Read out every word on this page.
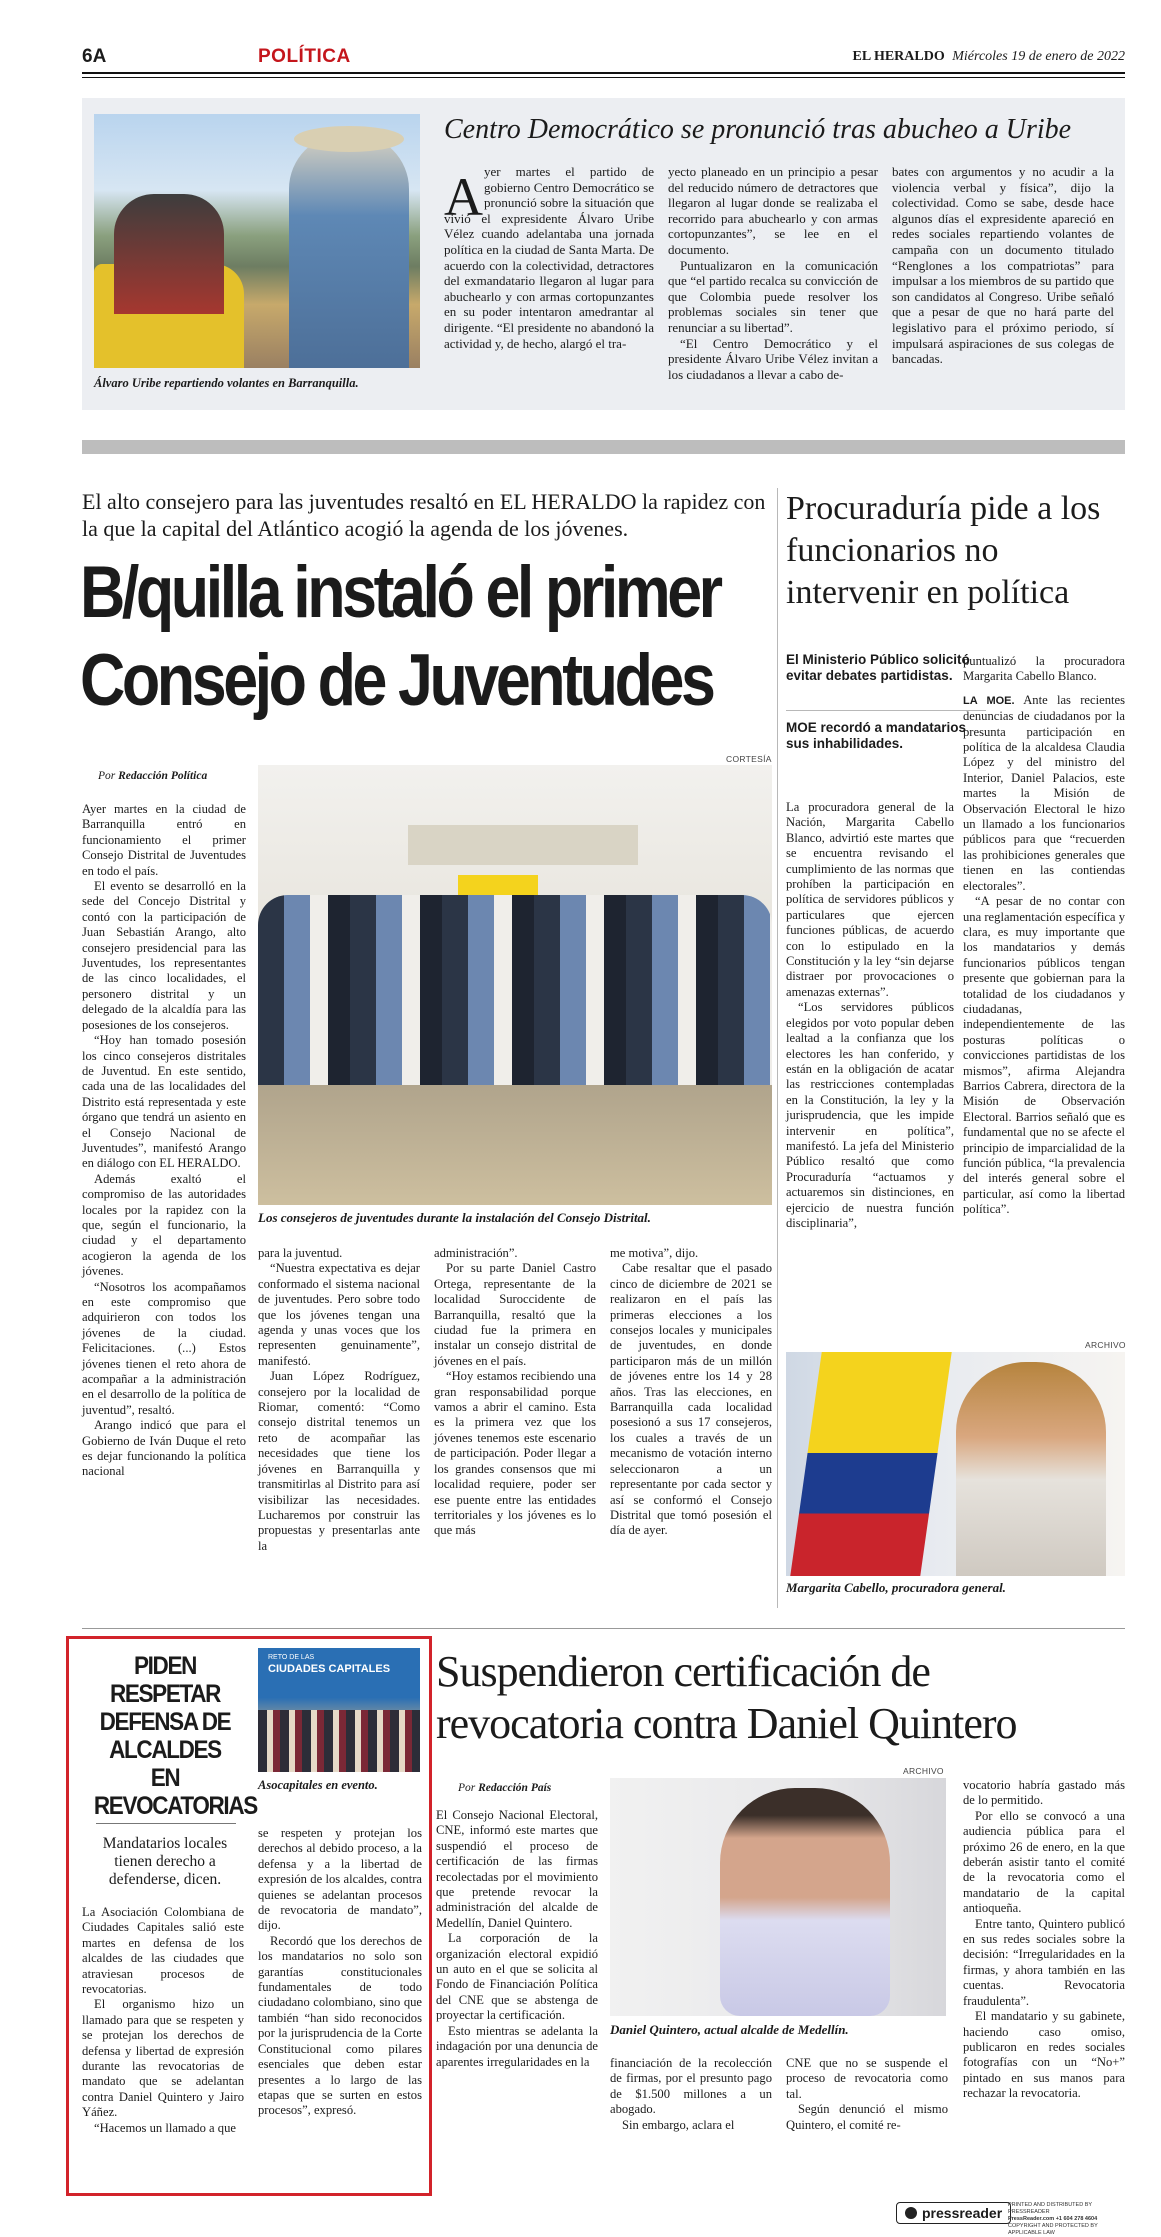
6A	POLÍTICA	EL HERALDO Miércoles 19 de enero de 2022
Álvaro Uribe repartiendo volantes en Barranquilla.
Centro Democrático se pronunció tras abucheo a Uribe
A yer martes el partido de gobierno Centro Democrático se pronunció sobre la situación que vivió el expresidente Álvaro Uribe Vélez cuando adelantaba una jornada política en la ciudad de Santa Marta. De acuerdo con la colectividad, detractores del exmandatario llegaron al lugar para abuchearlo y con armas cortopunzantes en su poder intentaron amedrantar al dirigente. “El presidente no abandonó la actividad y, de hecho, alargó el tra-

yecto planeado en un principio a pesar del reducido número de detractores que llegaron al lugar donde se realizaba el recorrido para abuchearlo y con armas cortopunzantes”, se lee en el documento.

Puntualizaron en la comunicación que “el partido recalca su convicción de que Colombia puede resolver los problemas sociales sin tener que renunciar a su libertad”.

“El Centro Democrático y el presidente Álvaro Uribe Vélez invitan a los ciudadanos a llevar a cabo de-

bates con argumentos y no acudir a la violencia verbal y física”, dijo la colectividad. Como se sabe, desde hace algunos días el expresidente apareció en redes sociales repartiendo volantes de campaña con un documento titulado “Renglones a los compatriotas” para impulsar a los miembros de su partido que son candidatos al Congreso. Uribe señaló que a pesar de que no hará parte del legislativo para el próximo periodo, sí impulsará aspiraciones de sus colegas de bancadas.

El alto consejero para las juventudes resaltó en EL HERALDO la rapidez con la que la capital del Atlántico acogió la agenda de los jóvenes.
B/quilla instaló el primer
Consejo de Juventudes
Por Redacción Política
CORTESÍA
Los consejeros de juventudes durante la instalación del Consejo Distrital.

Ayer martes en la ciudad de Barranquilla entró en funcionamiento el primer Consejo Distrital de Juventudes en todo el país.

El evento se desarrolló en la sede del Concejo Distrital y contó con la participación de Juan Sebastián Arango, alto consejero presidencial para las Juventudes, los representantes de las cinco localidades, el personero distrital y un delegado de la alcaldía para las posesiones de los consejeros.

“Hoy han tomado posesión los cinco consejeros distritales de Juventud. En este sentido, cada una de las localidades del Distrito está representada y este órgano que tendrá un asiento en el Consejo Nacional de Juventudes”, manifestó Arango en diálogo con EL HERALDO.

Además exaltó el compromiso de las autoridades locales por la rapidez con la que, según el funcionario, la ciudad y el departamento acogieron la agenda de los jóvenes.

“Nosotros los acompañamos en este compromiso que adquirieron con todos los jóvenes de la ciudad. Felicitaciones. (...) Estos jóvenes tienen el reto ahora de acompañar a la administración en el desarrollo de la política de juventud”, resaltó.

Arango indicó que para el Gobierno de Iván Duque el reto es dejar funcionando la política nacional

para la juventud.

“Nuestra expectativa es dejar conformado el sistema nacional de juventudes. Pero sobre todo que los jóvenes tengan una agenda y unas voces que los representen genuinamente”, manifestó.

Juan López Rodríguez, consejero por la localidad de Riomar, comentó: “Como consejo distrital tenemos un reto de acompañar las necesidades que tiene los jóvenes en Barranquilla y transmitirlas al Distrito para así visibilizar las necesidades. Lucharemos por construir las propuestas y presentarlas ante la

administración”.

Por su parte Daniel Castro Ortega, representante de la localidad Suroccidente de Barranquilla, resaltó que la ciudad fue la primera en instalar un consejo distrital de jóvenes en el país.

“Hoy estamos recibiendo una gran responsabilidad porque vamos a abrir el camino. Esta es la primera vez que los jóvenes tenemos este escenario de participación. Poder llegar a los grandes consensos que mi localidad requiere, poder ser ese puente entre las entidades territoriales y los jóvenes es lo que más

me motiva”, dijo.

Cabe resaltar que el pasado cinco de diciembre de 2021 se realizaron en el país las primeras elecciones a los consejos locales y municipales de juventudes, en donde participaron más de un millón de jóvenes entre los 14 y 28 años. Tras las elecciones, en Barranquilla cada localidad posesionó a sus 17 consejeros, los cuales a través de un mecanismo de votación interno seleccionaron a un representante por cada sector y así se conformó el Consejo Distrital que tomó posesión el día de ayer.

Procuraduría pide a los funcionarios no intervenir en política
El Ministerio Público solicitó evitar debates partidistas.
MOE recordó a mandatarios sus inhabilidades.

La procuradora general de la Nación, Margarita Cabello Blanco, advirtió este martes que se encuentra revisando el cumplimiento de las normas que prohíben la participación en política de servidores públicos y particulares que ejercen funciones públicas, de acuerdo con lo estipulado en la Constitución y la ley “sin dejarse distraer por provocaciones o amenazas externas”.

“Los servidores públicos elegidos por voto popular deben lealtad a la confianza que los electores les han conferido, y están en la obligación de acatar las restricciones contempladas en la Constitución, la ley y la jurisprudencia, que les impide intervenir en política”, manifestó. La jefa del Ministerio Público resaltó que como Procuraduría “actuamos y actuaremos sin distinciones, en ejercicio de nuestra función disciplinaria”,

puntualizó la procuradora Margarita Cabello Blanco.

LA MOE. Ante las recientes denuncias de ciudadanos por la presunta participación en política de la alcaldesa Claudia López y del ministro del Interior, Daniel Palacios, este martes la Misión de Observación Electoral le hizo un llamado a los funcionarios públicos para que “recuerden las prohibiciones generales que tienen en las contiendas electorales”.

“A pesar de no contar con una reglamentación específica y clara, es muy importante que los mandatarios y demás funcionarios públicos tengan presente que gobiernan para la totalidad de los ciudadanos y ciudadanas, independientemente de las posturas políticas o convicciones partidistas de los mismos”, afirma Alejandra Barrios Cabrera, directora de la Misión de Observación Electoral. Barrios señaló que es fundamental que no se afecte el principio de imparcialidad de la función pública, “la prevalencia del interés general sobre el particular, así como la libertad política”.

ARCHIVO
Margarita Cabello, procuradora general.
PIDEN RESPETAR DEFENSA DE ALCALDES EN REVOCATORIAS
Mandatarios locales tienen derecho a defenderse, dicen.
RETO DE LAS
CIUDADES CAPITALES
Asocapitales en evento.

La Asociación Colombiana de Ciudades Capitales salió este martes en defensa de los alcaldes de las ciudades que atraviesan procesos de revocatorias.

El organismo hizo un llamado para que se respeten y se protejan los derechos de defensa y libertad de expresión durante las revocatorias de mandato que se adelantan contra Daniel Quintero y Jairo Yáñez.

“Hacemos un llamado a que

se respeten y protejan los derechos al debido proceso, a la defensa y a la libertad de expresión de los alcaldes, contra quienes se adelantan procesos de revocatoria de mandato”, dijo.

Recordó que los derechos de los mandatarios no solo son garantías constitucionales fundamentales de todo ciudadano colombiano, sino que también “han sido reconocidos por la jurisprudencia de la Corte Constitucional como pilares esenciales que deben estar presentes a lo largo de las etapas que se surten en estos procesos”, expresó.

Suspendieron certificación de revocatoria contra Daniel Quintero
Por Redacción País
ARCHIVO
Daniel Quintero, actual alcalde de Medellín.

El Consejo Nacional Electoral, CNE, informó este martes que suspendió el proceso de certificación de las firmas recolectadas por el movimiento que pretende revocar la administración del alcalde de Medellín, Daniel Quintero.

La corporación de la organización electoral expidió un auto en el que se solicita al Fondo de Financiación Política del CNE que se abstenga de proyectar la certificación.

Esto mientras se adelanta la indagación por una denuncia de aparentes irregularidades en la	financiación de la recolección de firmas, por el presunto pago de $1.500 millones a un abogado.

Sin embargo, aclara el

CNE que no se suspende el proceso de revocatoria como tal.

Según denunció el mismo Quintero, el comité re-

vocatorio habría gastado más de lo permitido.

Por ello se convocó a una audiencia pública para el próximo 26 de enero, en la que deberán asistir tanto el comité de la revocatoria como el mandatario de la capital antioqueña.

Entre tanto, Quintero publicó en sus redes sociales sobre la decisión: “Irregularidades en la firmas, y ahora también en las cuentas. Revocatoria fraudulenta”.

El mandatario y su gabinete, haciendo caso omiso, publicaron en redes sociales fotografías con un “No+” pintado en sus manos para rechazar la revocatoria.

pressreader PRINTED AND DISTRIBUTED BY PRESSREADER
PressReader.com +1 604 278 4604
COPYRIGHT AND PROTECTED BY APPLICABLE LAW
